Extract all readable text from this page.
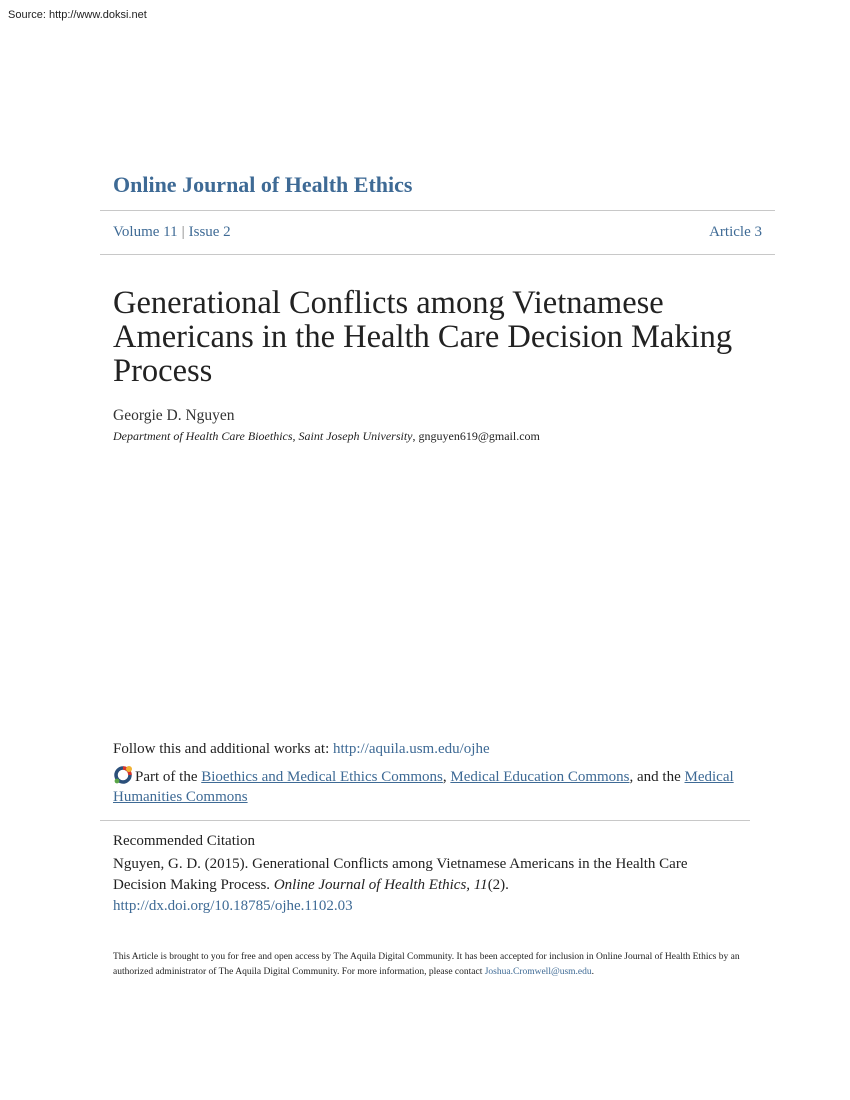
Source: http://www.doksi.net
Online Journal of Health Ethics
Volume 11 | Issue 2	Article 3
Generational Conflicts among Vietnamese Americans in the Health Care Decision Making Process
Georgie D. Nguyen
Department of Health Care Bioethics, Saint Joseph University, gnguyen619@gmail.com
Follow this and additional works at: http://aquila.usm.edu/ojhe
Part of the Bioethics and Medical Ethics Commons, Medical Education Commons, and the Medical Humanities Commons
Recommended Citation
Nguyen, G. D. (2015). Generational Conflicts among Vietnamese Americans in the Health Care Decision Making Process. Online Journal of Health Ethics, 11(2). http://dx.doi.org/10.18785/ojhe.1102.03
This Article is brought to you for free and open access by The Aquila Digital Community. It has been accepted for inclusion in Online Journal of Health Ethics by an authorized administrator of The Aquila Digital Community. For more information, please contact Joshua.Cromwell@usm.edu.
